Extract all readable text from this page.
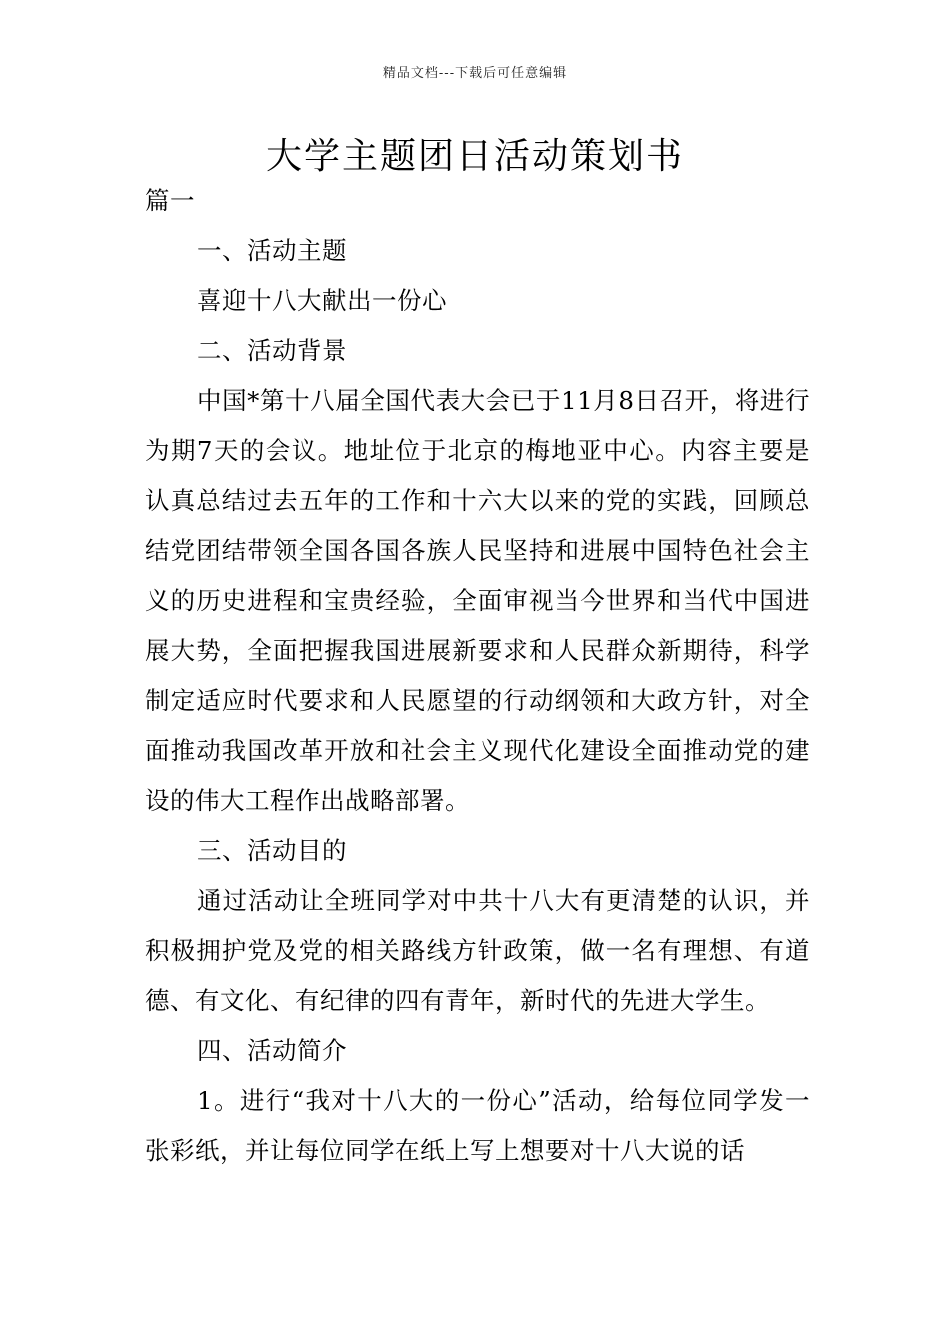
精品文档---下载后可任意编辑
大学主题团日活动策划书

篇一

一、活动主题

喜迎十八大献出一份心

二、活动背景

中国*第十八届全国代表大会已于11月8日召开，将进行为期7天的会议。地址位于北京的梅地亚中心。内容主要是认真总结过去五年的工作和十六大以来的党的实践，回顾总结党团结带领全国各国各族人民坚持和进展中国特色社会主义的历史进程和宝贵经验，全面审视当今世界和当代中国进展大势，全面把握我国进展新要求和人民群众新期待，科学制定适应时代要求和人民愿望的行动纲领和大政方针，对全面推动我国改革开放和社会主义现代化建设全面推动党的建设的伟大工程作出战略部署。

三、活动目的

通过活动让全班同学对中共十八大有更清楚的认识，并积极拥护党及党的相关路线方针政策，做一名有理想、有道德、有文化、有纪律的四有青年，新时代的先进大学生。

四、活动简介

1。进行“我对十八大的一份心”活动，给每位同学发一张彩纸，并让每位同学在纸上写上想要对十八大说的话
